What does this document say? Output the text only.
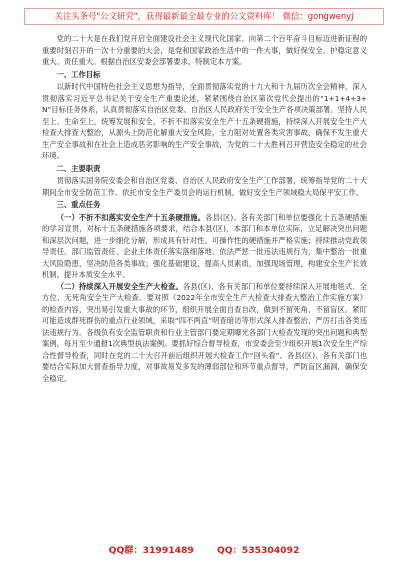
关注头条号"公文研究"，获得最新最全最专业的公文资料库！ 微信：gongwenyj

党的二十大是在我们党开启全面建设社会主义现代化国家、向第二个百年奋斗目标迈进新征程的重要时刻召开的一次十分重要的大会，是党和国家政治生活中的一件大事，做好保安全、护稳定意义重大、责任重大。根据自治区安委会部署要求，特制定本方案。

一、工作目标

以新时代中国特色社会主义思想为指导，全面贯彻落实党的十九大和十九届历次全会精神，深入贯彻落实习近平总书记关于安全生产重要论述，紧紧围绕自治区第次党代会提出的“1+1+4+3+N”目标任务体系，认真贯彻落实自治区党委、自治区人民政府关于安全生产各项决策部署。坚持人民至上、生命至上，统筹发展和安全，不折不扣落实安全生产十五条硬措施，持续深入开展安全生产大检查大排查大整治，从源头上防范化解重大安全风险，全力阻对处置各类灾害事故，确保不发生重大生产安全事故和在社会上造成恶劣影响的生产安全事故，为党的二十大胜利召开营造安全稳定的社会环境。

二、主要职责

贯彻落实国务院安委会和自治区党委、自治区人民政府安全生产工作部署，统筹指导党的二十大期间全市安全防范工作。依托市安全生产委员会的运行机制，做好安全生产领域稳大局保平安工作。

三、重点任务

（一）不折不扣落实安全生产十五条硬措施。各县(区)、各有关部门和单位要强化十五条硬措施的学习宣贯，对标十五条硬措施各项要求，结合本县(区)、本部门和本单位实际，立足解决突出问题和深层次问题，进一步细化分解，形成具有针对性、可操作性的硬措施并严格实施；持续推动党政领导责任、部门监管责任、企业主体责任落实落细落地。依法严惩一批违法违规行为，集中整治一批重大风险隐患，坚决防范各类事故；强化基础建设，提高人员素质，加强现场管理，构建安全生产长效机制，提升本质安全水平。

（二）持续深入开展安全生产大检查。各县(区)、各有关部门和单位要持续深入开展地毯式、全方位、无死角安全生产大检查。要对照《2022年全市安全生产大检查大排查大整治工作实施方案》的检查内容，突出易引发重大事故的环节，组织开展全面自查自改，做到不留死角、不留盲区。紧盯可能造成群死群伤的重点行业领域，采取“四不两直”明查暗访等形式深入排查整治，严厉打击各类违法违规行为。各级负有安全监管职责和行业主管部门要定期曝光各部门大检查发现的突出问题和典型案例，每月至少通报1次典型执法案例。要抓好综合督导检查，市安委会至少组织开展1次安全生产综合性督导检查，同时在党的二十大召开前后组织开展大检查工作“回头看”。各县(区)、各有关部门也要结合实际加大督查指导力度，对事故易发多发的薄弱部位和环节重点督导，严防盲区漏洞，确保安全稳定。

QQ群：31991489	QQ：535304092
